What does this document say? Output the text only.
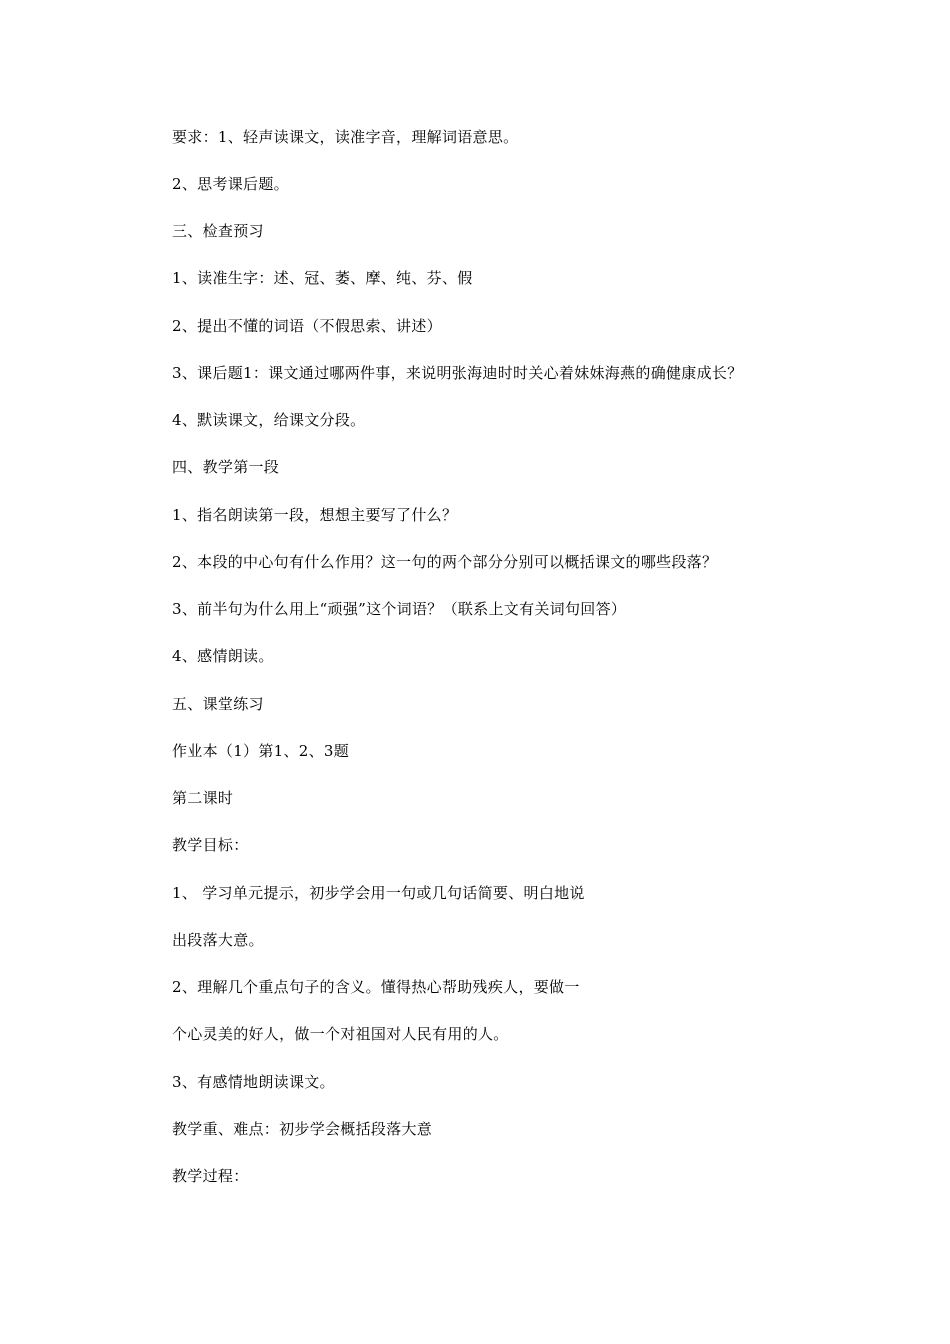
要求：1、轻声读课文，读准字音，理解词语意思。
2、思考课后题。
三、检查预习
1、读准生字：述、冠、萎、摩、纯、芬、假
2、提出不懂的词语（不假思索、讲述）
3、课后题1：课文通过哪两件事，来说明张海迪时时关心着妹妹海燕的确健康成长？
4、默读课文，给课文分段。
四、教学第一段
1、指名朗读第一段，想想主要写了什么？
2、本段的中心句有什么作用？这一句的两个部分分别可以概括课文的哪些段落？
3、前半句为什么用上“顽强”这个词语？（联系上文有关词句回答）
4、感情朗读。
五、课堂练习
作业本（1）第1、2、3题
第二课时
教学目标：
1、 学习单元提示，初步学会用一句或几句话简要、明白地说
出段落大意。
2、理解几个重点句子的含义。懂得热心帮助残疾人，要做一
个心灵美的好人，做一个对祖国对人民有用的人。
3、有感情地朗读课文。
教学重、难点：初步学会概括段落大意
教学过程：
